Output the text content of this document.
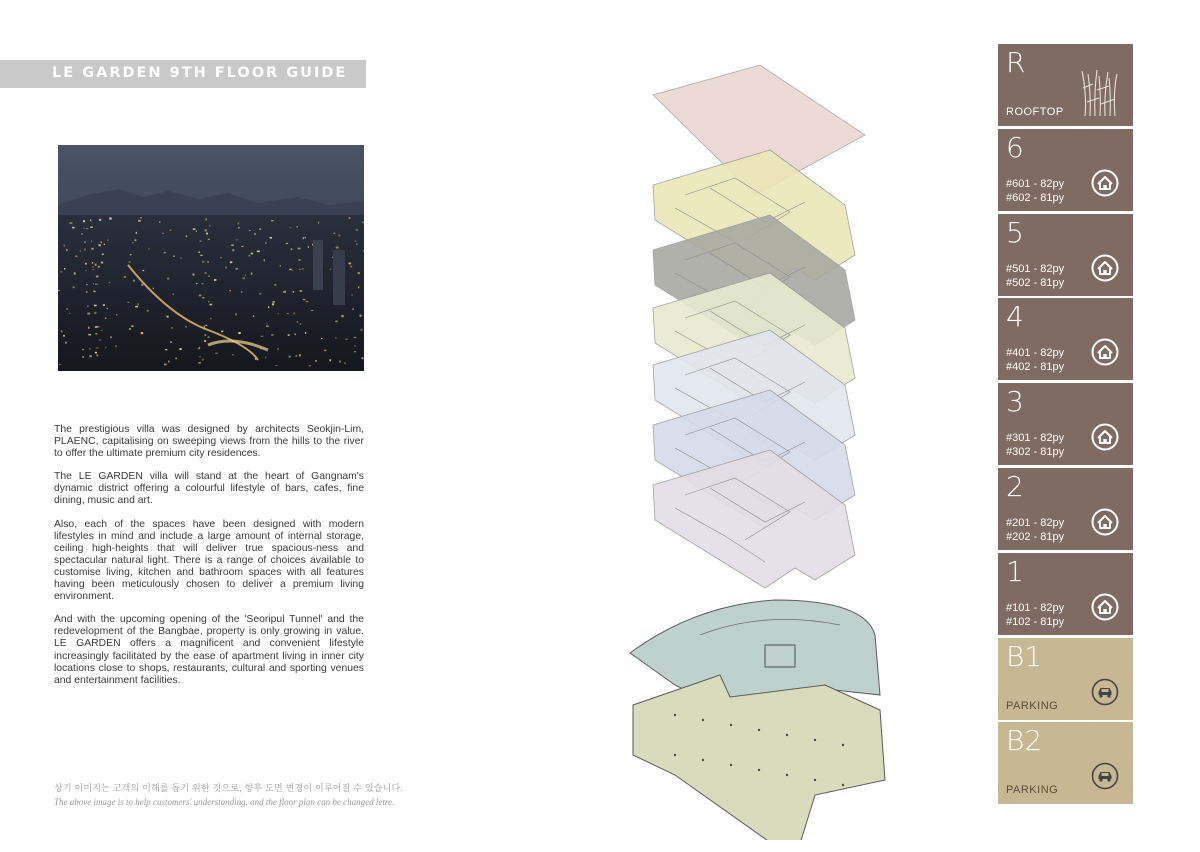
LE GARDEN 9TH FLOOR GUIDE

The prestigious villa was designed by architects Seokjin-Lim, PLAENC, capitalising on sweeping views from the hills to the river to offer the ultimate premium city residences.

The LE GARDEN villa will stand at the heart of Gangnam's dynamic district offering a colourful lifestyle of bars, cafes, fine dining, music and art.

Also, each of the spaces have been designed with modern lifestyles in mind and include a large amount of internal storage, ceiling high-heights that will deliver true spacious-ness and spectacular natural light. There is a range of choices available to customise living, kitchen and bathroom spaces with all features having been meticulously chosen to deliver a premium living environment.

And with the upcoming opening of the 'Seoripul Tunnel' and the redevelopment of the Bangbae, property is only growing in value. LE GARDEN offers a magnificent and convenient lifestyle increasingly facilitated by the ease of apartment living in inner city locations close to shops, restaurants, cultural and sporting venues and entertainment facilities.

상기 이미지는 고객의 이해를 돕기 위한 것으로, 향후 도면 변경이 이루어질 수 있습니다.
The above image is to help customers' understanding, and the floor plan can be changed letre.
R
ROOFTOP
6
#601 - 82py
#602 - 81py
5
#501 - 82py
#502 - 81py
4
#401 - 82py
#402 - 81py
3
#301 - 82py
#302 - 81py
2
#201 - 82py
#202 - 81py
1
#101 - 82py
#102 - 81py
B1
PARKING
B2
PARKING
